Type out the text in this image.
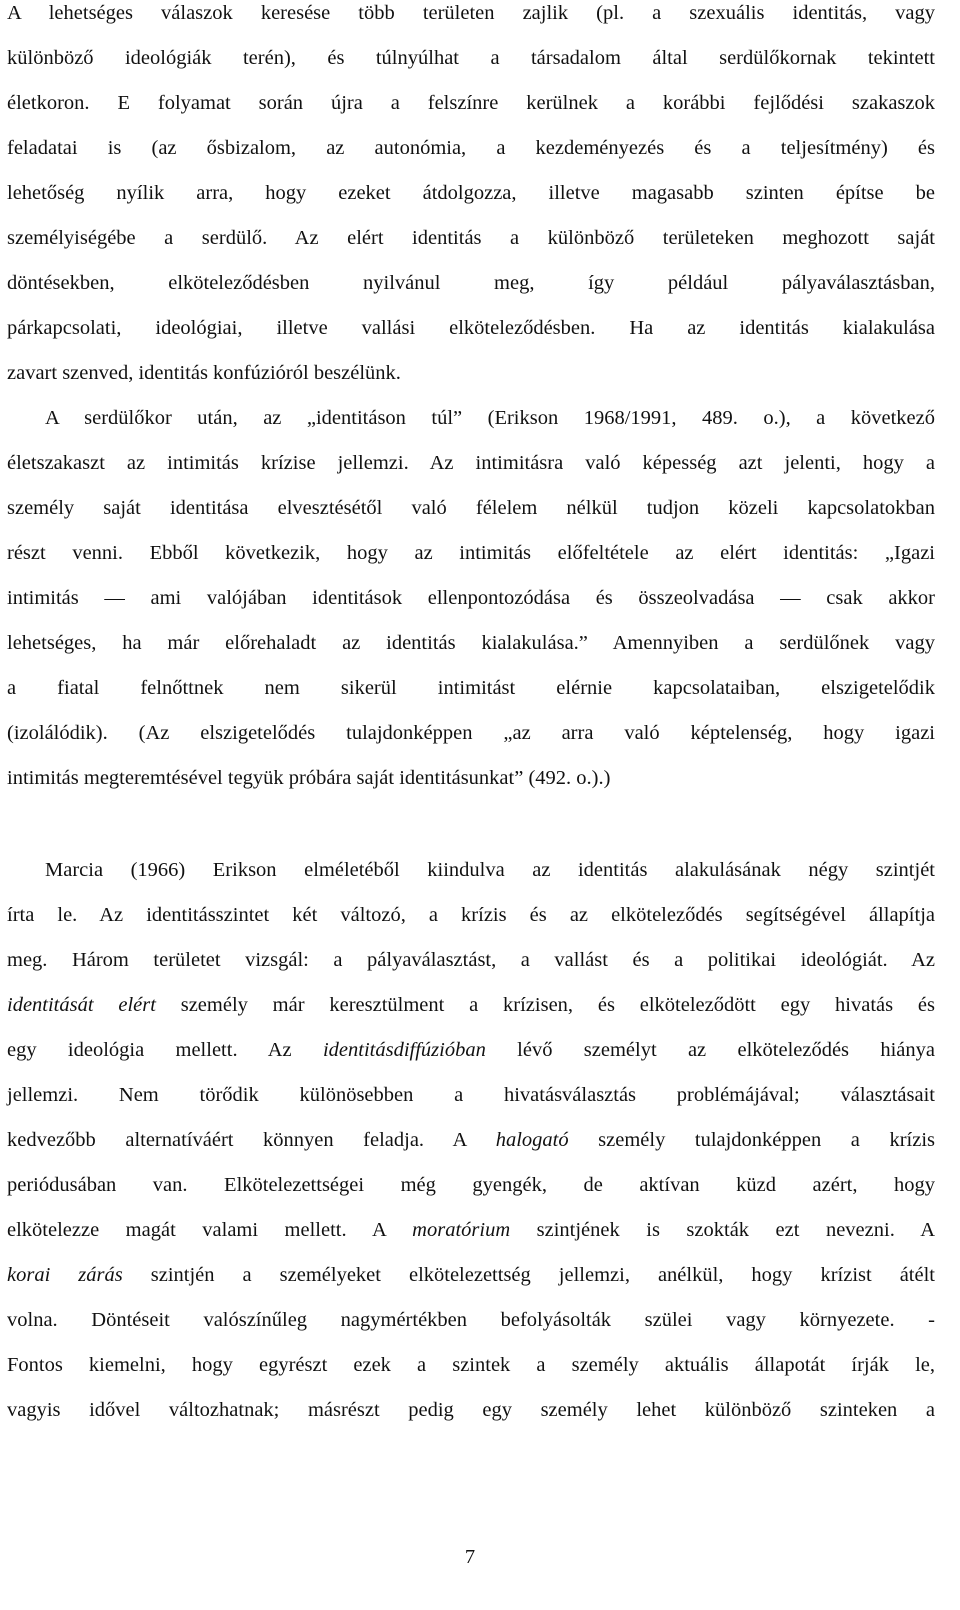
A lehetséges válaszok keresése több területen zajlik (pl. a szexuális identitás, vagy
különböző ideológiák terén), és túlnyúlhat a társadalom által serdülőkornak tekintett
életkoron. E folyamat során újra a felszínre kerülnek a korábbi fejlődési szakaszok
feladatai is (az ősbizalom, az autonómia, a kezdeményezés és a teljesítmény) és
lehetőség nyílik arra, hogy ezeket átdolgozza, illetve magasabb szinten építse be
személyiségébe a serdülő. Az elért identitás a különböző területeken meghozott saját
döntésekben, elköteleződésben nyilvánul meg, így például pályaválasztásban,
párkapcsolati, ideológiai, illetve vallási elköteleződésben. Ha az identitás kialakulása
zavart szenved, identitás konfúzióról beszélünk.
A serdülőkor után, az „identitáson túl” (Erikson 1968/1991, 489. o.), a következő
életszakaszt az intimitás krízise jellemzi. Az intimitásra való képesség azt jelenti, hogy a
személy saját identitása elvesztésétől való félelem nélkül tudjon közeli kapcsolatokban
részt venni. Ebből következik, hogy az intimitás előfeltétele az elért identitás: „Igazi
intimitás ― ami valójában identitások ellenpontozódása és összeolvadása ― csak akkor
lehetséges, ha már előrehaladt az identitás kialakulása.” Amennyiben a serdülőnek vagy
a fiatal felnőttnek nem sikerül intimitást elérnie kapcsolataiban, elszigetelődik
(izolálódik). (Az elszigetelődés tulajdonképpen „az arra való képtelenség, hogy igazi
intimitás megteremtésével tegyük próbára saját identitásunkat” (492. o.).)
Marcia (1966) Erikson elméletéből kiindulva az identitás alakulásának négy szintjét
írta le. Az identitásszintet két változó, a krízis és az elköteleződés segítségével állapítja
meg. Három területet vizsgál: a pályaválasztást, a vallást és a politikai ideológiát. Az
identitását elért személy már keresztülment a krízisen, és elköteleződött egy hivatás és
egy ideológia mellett. Az identitásdiffúzióban lévő személyt az elköteleződés hiánya
jellemzi. Nem törődik különösebben a hivatásválasztás problémájával; választásait
kedvezőbb alternatíváért könnyen feladja. A halogató személy tulajdonképpen a krízis
periódusában van. Elkötelezettségei még gyengék, de aktívan küzd azért, hogy
elkötelezze magát valami mellett. A moratórium szintjének is szokták ezt nevezni. A
korai zárás szintjén a személyeket elkötelezettség jellemzi, anélkül, hogy krízist átélt
volna. Döntéseit valószínűleg nagymértékben befolyásolták szülei vagy környezete. -
Fontos kiemelni, hogy egyrészt ezek a szintek a személy aktuális állapotát írják le,
vagyis idővel változhatnak; másrészt pedig egy személy lehet különböző szinteken a
7
